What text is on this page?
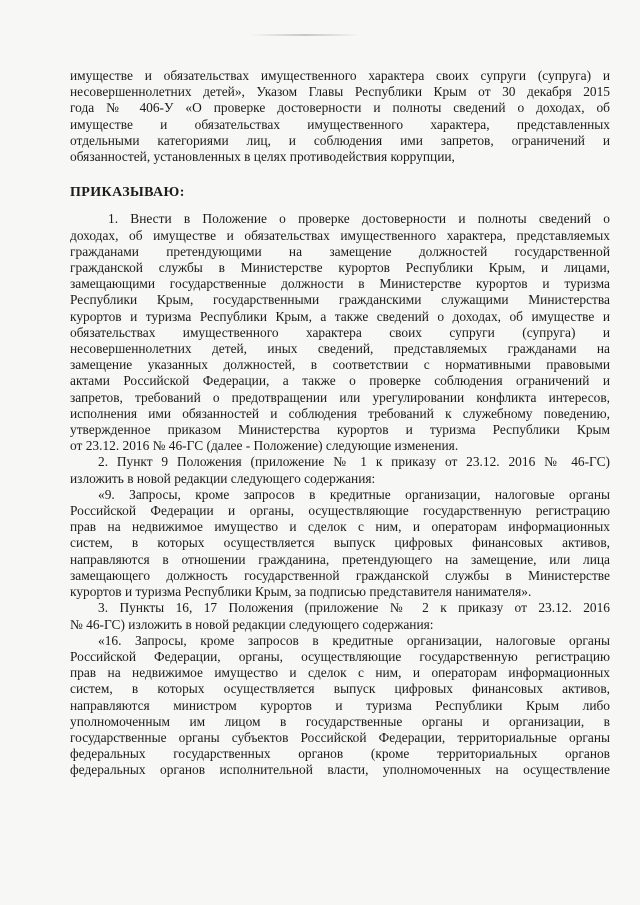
имуществе и обязательствах имущественного характера своих супруги (супруга) и
несовершеннолетних детей», Указом Главы Республики Крым от 30 декабря 2015
года № 406-У «О проверке достоверности и полноты сведений о доходах, об
имуществе и обязательствах имущественного характера, представленных
отдельными категориями лиц, и соблюдения ими запретов, ограничений и
обязанностей, установленных в целях противодействия коррупции,
ПРИКАЗЫВАЮ:
1. Внести в Положение о проверке достоверности и полноты сведений о
доходах, об имуществе и обязательствах имущественного характера, представляемых
гражданами претендующими на замещение должностей государственной
гражданской службы в Министерстве курортов Республики Крым, и лицами,
замещающими государственные должности в Министерстве курортов и туризма
Республики Крым, государственными гражданскими служащими Министерства
курортов и туризма Республики Крым, а также сведений о доходах, об имуществе и
обязательствах имущественного характера своих супруги (супруга) и
несовершеннолетних детей, иных сведений, представляемых гражданами на
замещение указанных должностей, в соответствии с нормативными правовыми
актами Российской Федерации, а также о проверке соблюдения ограничений и
запретов, требований о предотвращении или урегулировании конфликта интересов,
исполнения ими обязанностей и соблюдения требований к служебному поведению,
утвержденное приказом Министерства курортов и туризма Республики Крым
от 23.12. 2016 № 46-ГС (далее - Положение) следующие изменения.
2. Пункт 9 Положения (приложение № 1 к приказу от 23.12. 2016 № 46-ГС)
изложить в новой редакции следующего содержания:
«9. Запросы, кроме запросов в кредитные организации, налоговые органы
Российской Федерации и органы, осуществляющие государственную регистрацию
прав на недвижимое имущество и сделок с ним, и операторам информационных
систем, в которых осуществляется выпуск цифровых финансовых активов,
направляются в отношении гражданина, претендующего на замещение, или лица
замещающего должность государственной гражданской службы в Министерстве
курортов и туризма Республики Крым, за подписью представителя нанимателя».
3. Пункты 16, 17 Положения (приложение № 2 к приказу от 23.12. 2016
№ 46-ГС) изложить в новой редакции следующего содержания:
«16. Запросы, кроме запросов в кредитные организации, налоговые органы
Российской Федерации, органы, осуществляющие государственную регистрацию
прав на недвижимое имущество и сделок с ним, и операторам информационных
систем, в которых осуществляется выпуск цифровых финансовых активов,
направляются министром курортов и туризма Республики Крым либо
уполномоченным им лицом в государственные органы и организации, в
государственные органы субъектов Российской Федерации, территориальные органы
федеральных государственных органов (кроме территориальных органов
федеральных органов исполнительной власти, уполномоченных на осуществление
